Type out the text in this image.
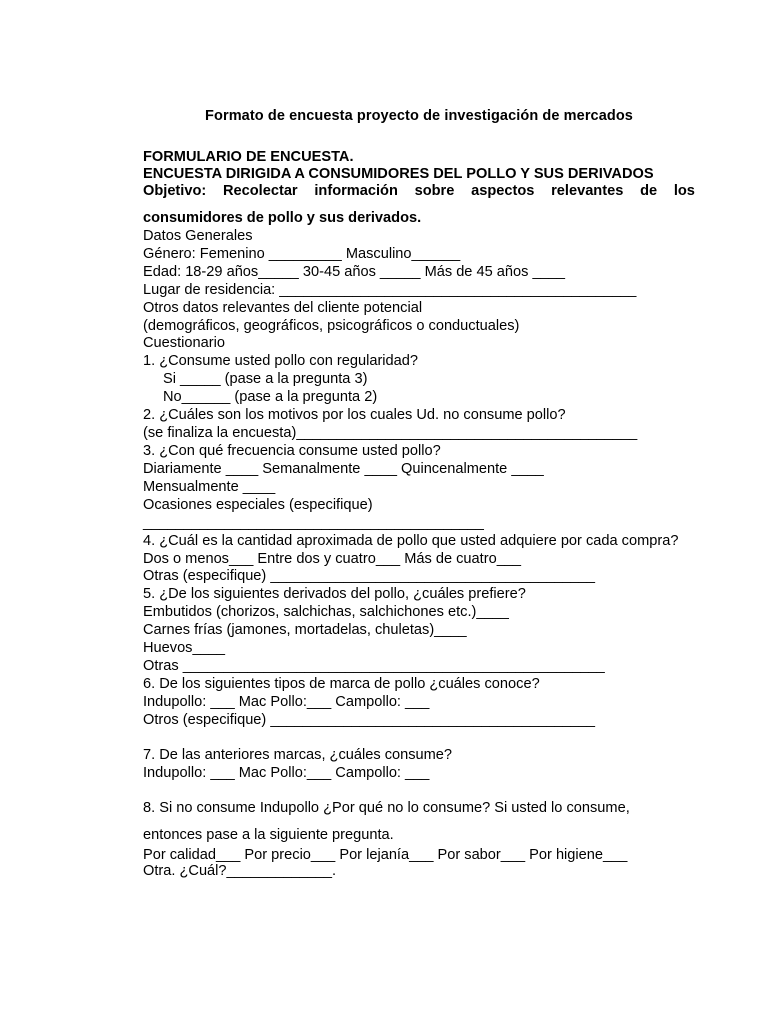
Formato de encuesta proyecto de investigación de mercados
FORMULARIO DE ENCUESTA.
ENCUESTA DIRIGIDA A CONSUMIDORES DEL POLLO Y SUS DERIVADOS
Objetivo: Recolectar información sobre aspectos relevantes de los
consumidores de pollo y sus derivados.
Datos Generales
Género: Femenino _________ Masculino______
Edad: 18-29 años_____ 30-45 años _____ Más de 45 años ____
Lugar de residencia: ____________________________________________
Otros datos relevantes del cliente potencial
(demográficos, geográficos, psicográficos o conductuales)
Cuestionario
1. ¿Consume usted pollo con regularidad?
Si _____ (pase a la pregunta 3)
No______ (pase a la pregunta 2)
2. ¿Cuáles son los motivos por los cuales Ud. no consume pollo?
(se finaliza la encuesta)__________________________________________
3. ¿Con qué frecuencia consume usted pollo?
Diariamente ____ Semanalmente ____ Quincenalmente ____
Mensualmente ____
Ocasiones especiales (especifique)
__________________________________________
4. ¿Cuál es la cantidad aproximada de pollo que usted adquiere por cada compra?
Dos o menos___ Entre dos y cuatro___ Más de cuatro___
Otras (especifique) ________________________________________
5. ¿De los siguientes derivados del pollo, ¿cuáles prefiere?
Embutidos (chorizos, salchichas, salchichones etc.)____
Carnes frías (jamones, mortadelas, chuletas)____
Huevos____
Otras ____________________________________________________
6. De los siguientes tipos de marca de pollo ¿cuáles conoce?
Indupollo: ___ Mac Pollo:___ Campollo: ___
Otros (especifique) ________________________________________
7. De las anteriores marcas, ¿cuáles consume?
Indupollo: ___ Mac Pollo:___ Campollo: ___
8. Si no consume Indupollo ¿Por qué no lo consume? Si usted lo consume,
entonces pase a la siguiente pregunta.
Por calidad___ Por precio___ Por lejanía___ Por sabor___ Por higiene___
Otra. ¿Cuál?_____________.
